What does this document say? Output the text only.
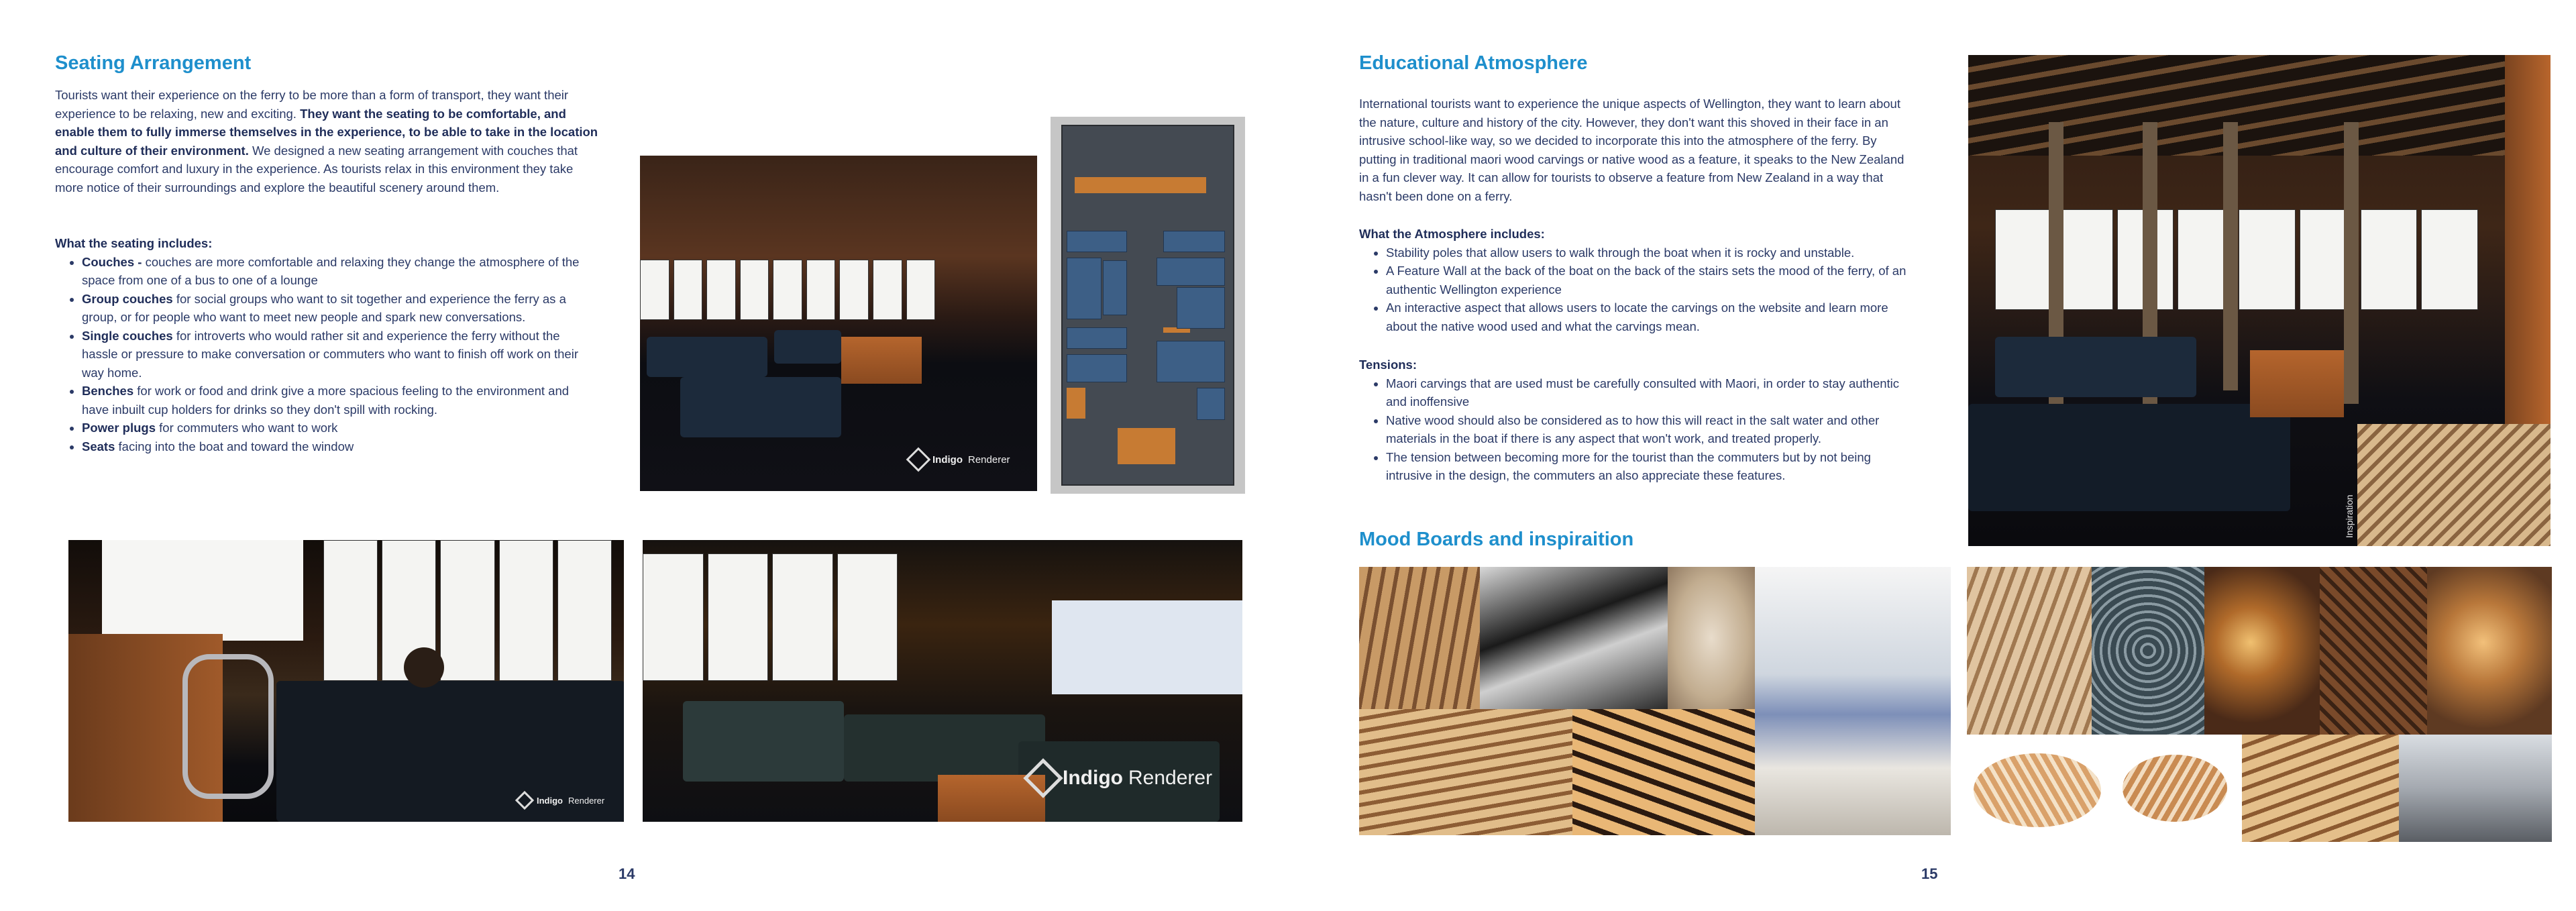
Seating Arrangement

Tourists want their experience on the ferry to be more than a form of transport, they want their experience to be relaxing, new and exciting. They want the seating to be comfortable, and enable them to fully immerse themselves in the experience, to be able to take in the location and culture of their environment. We designed a new seating arrangement with couches that encourage comfort and luxury in the experience. As tourists relax in this environment they take more notice of their surroundings and explore the beautiful scenery around them.

What the seating includes:

• Couches - couches are more comfortable and relaxing they change the atmosphere of the space from one of a bus to one of a lounge
• Group couches for social groups who want to sit together and experience the ferry as a group, or for people who want to meet new people and spark new conversations.
• Single couches for introverts who would rather sit and experience the ferry without the hassle or pressure to make conversation or commuters who want to finish off work on their way home.
• Benches for work or food and drink give a more spacious feeling to the environment and have inbuilt cup holders for drinks so they don't spill with rocking.
• Power plugs for commuters who want to work
• Seats facing into the boat and toward the window
Indigo Renderer
Indigo Renderer
Indigo Renderer
14
Educational Atmosphere

International tourists want to experience the unique aspects of Wellington, they want to learn about the nature, culture and history of the city. However, they don't want this shoved in their face in an intrusive school-like way, so we decided to incorporate this into the atmosphere of the ferry. By putting in traditional maori wood carvings or native wood as a feature, it speaks to the New Zealand in a fun clever way. It can allow for tourists to observe a feature from New Zealand in a way that hasn't been done on a ferry.

What the Atmosphere includes:

• Stability poles that allow users to walk through the boat when it is rocky and unstable.
• A Feature Wall at the back of the boat on the back of the stairs sets the mood of the ferry, of an authentic Wellington experience
• An interactive aspect that allows users to locate the carvings on the website and learn more about the native wood used and what the carvings mean.

Tensions:

• Maori carvings that are used must be carefully consulted with Maori, in order to stay authentic and inoffensive
• Native wood should also be considered as to how this will react in the salt water and other materials in the boat if there is any aspect that won't work, and treated properly.
• The tension between becoming more for the tourist than the commuters but by not being intrusive in the design, the commuters an also appreciate these features.
Inspiration
Mood Boards and inspiraition
15
